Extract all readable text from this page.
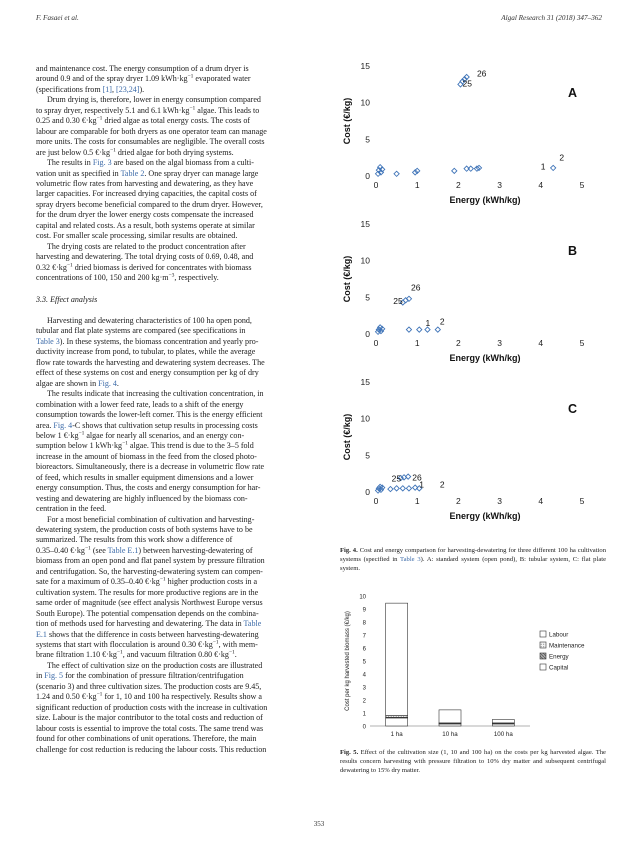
F. Fasaei et al.	Algal Research 31 (2018) 347–362

and maintenance cost. The energy consumption of a drum dryer is
around 0.9 and of the spray dryer 1.09 $kWh\cdot kg^{-1}$ evaporated water
(specifications from [1], [23,24]).

Drum drying is, therefore, lower in energy consumption compared
to spray dryer, respectively 5.1 and 6.1 $kWh\cdot kg^{-1}$ algae. This leads to
0.25 and 0.30 $€\cdot kg^{-1}$ dried algae as total energy costs. The costs of
labour are comparable for both dryers as one operator team can manage
more units. The costs for consumables are negligible. The overall costs
are just below 0.5 $€\cdot kg^{-1}$ dried algae for both drying systems.

The results in Fig. 3 are based on the algal biomass from a culti-
vation unit as specified in Table 2. One spray dryer can manage large
volumetric flow rates from harvesting and dewatering, as they have
larger capacities. For increased drying capacities, the capital costs of
spray dryers become beneficial compared to the drum dryer. However,
for the drum dryer the lower energy costs compensate the increased
capital and related costs. As a result, both systems operate at similar
cost. For smaller scale processing, similar results are obtained.

The drying costs are related to the product concentration after
harvesting and dewatering. The total drying costs of 0.69, 0.48, and
0.32 $€\cdot kg^{-1}$ dried biomass is derived for concentrates with biomass
concentrations of 100, 150 and 200 $kg\cdot m^{-3}$, respectively.

3.3. Effect analysis

Harvesting and dewatering characteristics of 100 ha open pond,
tubular and flat plate systems are compared (see specifications in
Table 3). In these systems, the biomass concentration and yearly pro-
ductivity increase from pond, to tubular, to plates, while the average
flow rate towards the harvesting and dewatering system decreases. The
effect of these systems on cost and energy consumption per kg of dry
algae are shown in Fig. 4.

The results indicate that increasing the cultivation concentration, in
combination with a lower feed rate, leads to a shift of the energy
consumption towards the lower-left corner. This is the energy efficient
area. Fig. 4-C shows that cultivation setup results in processing costs
below 1 $€\cdot kg^{-1}$ algae for nearly all scenarios, and an energy con-
sumption below 1 $kWh\cdot kg^{-1}$ algae. This trend is due to the 3–5 fold
increase in the amount of biomass in the feed from the closed photo-
bioreactors. Simultaneously, there is a decrease in volumetric flow rate
of feed, which results in smaller equipment dimensions and a lower
energy consumption. Thus, the costs and energy consumption for har-
vesting and dewatering are highly influenced by the biomass con-
centration in the feed.

For a most beneficial combination of cultivation and harvesting-
dewatering system, the production costs of both systems have to be
summarized. The results from this work show a difference of
0.35–0.40 $€\cdot kg^{-1}$ (see Table E.1) between harvesting-dewatering of
biomass from an open pond and flat panel system by pressure filtration
and centrifugation. So, the harvesting-dewatering system can compen-
sate for a maximum of 0.35–0.40 $€\cdot kg^{-1}$ higher production costs in a
cultivation system. The results for more productive regions are in the
same order of magnitude (see effect analysis Northwest Europe versus
South Europe). The potential compensation depends on the combina-
tion of methods used for harvesting and dewatering. The data in Table
E.1 shows that the difference in costs between harvesting-dewatering
systems that start with flocculation is around 0.30 $€\cdot kg^{-1}$, with mem-
brane filtration 1.10 $€\cdot kg^{-1}$, and vacuum filtration 0.80 $€\cdot kg^{-1}$.

The effect of cultivation size on the production costs are illustrated
in Fig. 5 for the combination of pressure filtration/centrifugation
(scenario 3) and three cultivation sizes. The production costs are 9.45,
1.24 and 0.50 $€\cdot kg^{-1}$ for 1, 10 and 100 ha respectively. Results show a
significant reduction of production costs with the increase in cultivation
size. Labour is the major contributor to the total costs and reduction of
labour costs is essential to improve the total costs. The same trend was
found for other combinations of unit operations. Therefore, the main
challenge for cost reduction is reducing the labour costs. This reduction

0
5
10
15
0	1	2	3	4	5
Energy (kWh/kg)
Cost (€/kg)
A
26
25
1
2
0
5
10
15
0	1	2	3	4	5
Energy (kWh/kg)
Cost (€/kg)
B
26
25
1 2
0
5
10
15
0	1	2	3	4	5
Energy (kWh/kg)
Cost (€/kg)
C
25 26
1 2
Fig. 4. Cost and energy comparison for harvesting-dewatering for three different 100 ha cultivation systems (specified in Table 3). A: standard system (open pond), B: tubular system, C: flat plate system.
0
1
2
3
4
5
6
7
8
9
10
Cost per kg harvested biomass (€/kg)
1 ha	10 ha	100 ha
Labour
Maintenance
Energy
Capital
Fig. 5. Effect of the cultivation size (1, 10 and 100 ha) on the costs per kg harvested algae. The results concern harvesting with pressure filtration to 10% dry matter and subsequent centrifugal dewatering to 15% dry matter.
353
